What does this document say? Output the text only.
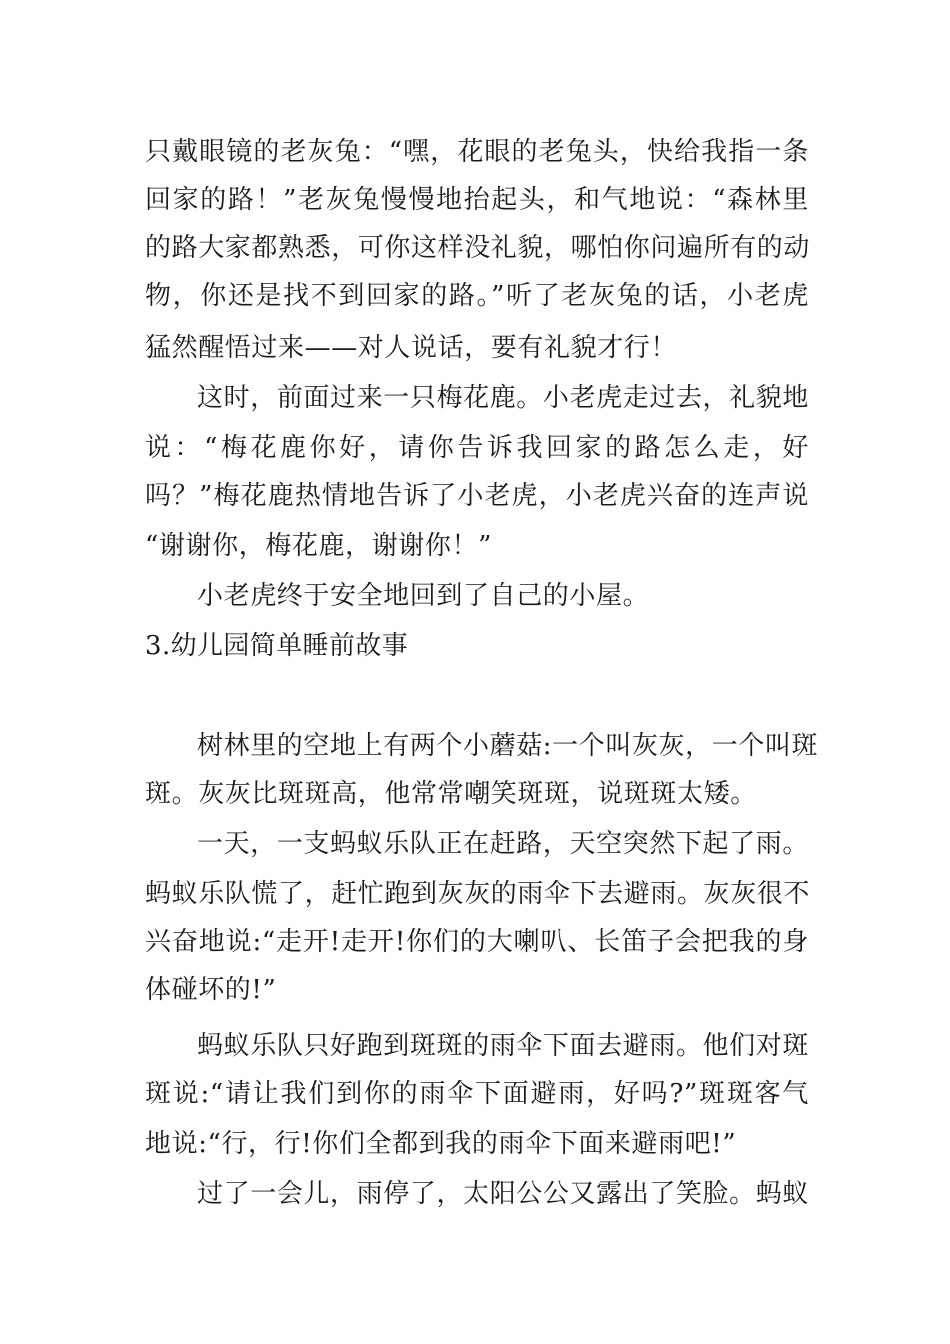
只戴眼镜的老灰兔：“嘿，花眼的老兔头，快给我指一条
回家的路！”老灰兔慢慢地抬起头，和气地说：“森林里
的路大家都熟悉，可你这样没礼貌，哪怕你问遍所有的动
物，你还是找不到回家的路。”听了老灰兔的话，小老虎
猛然醒悟过来——对人说话，要有礼貌才行！
这时，前面过来一只梅花鹿。小老虎走过去，礼貌地
说：“梅花鹿你好，请你告诉我回家的路怎么走，好
吗？”梅花鹿热情地告诉了小老虎，小老虎兴奋的连声说
“谢谢你，梅花鹿，谢谢你！”
小老虎终于安全地回到了自己的小屋。
3.幼儿园简单睡前故事
树林里的空地上有两个小蘑菇:一个叫灰灰，一个叫斑
斑。灰灰比斑斑高，他常常嘲笑斑斑，说斑斑太矮。
一天，一支蚂蚁乐队正在赶路，天空突然下起了雨。
蚂蚁乐队慌了，赶忙跑到灰灰的雨伞下去避雨。灰灰很不
兴奋地说:“走开!走开!你们的大喇叭、长笛子会把我的身
体碰坏的!”
蚂蚁乐队只好跑到斑斑的雨伞下面去避雨。他们对斑
斑说:“请让我们到你的雨伞下面避雨，好吗?”斑斑客气
地说:“行，行!你们全都到我的雨伞下面来避雨吧!”
过了一会儿，雨停了，太阳公公又露出了笑脸。蚂蚁
